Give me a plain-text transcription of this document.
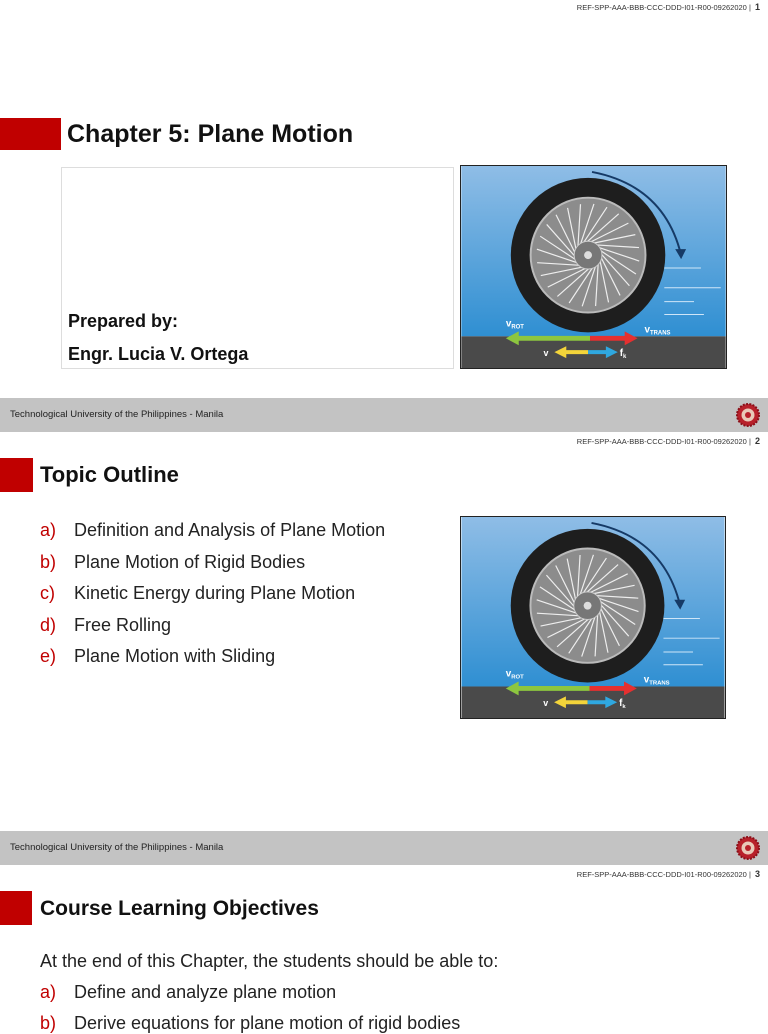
REF-SPP-AAA-BBB-CCC-DDD-I01-R00-09262020 | 1
Chapter 5: Plane Motion
Prepared by:
Engr. Lucia V. Ortega
$v_{ROT}$	$v_{TRANS}$
v	$f_k$
Technological University of the Philippines - Manila
REF-SPP-AAA-BBB-CCC-DDD-I01-R00-09262020 | 2
Topic Outline
a) Definition and Analysis of Plane Motion
b) Plane Motion of Rigid Bodies
c) Kinetic Energy during Plane Motion
d) Free Rolling
e) Plane Motion with Sliding
$v_{ROT}$	$v_{TRANS}$
v	$f_k$
Technological University of the Philippines - Manila
REF-SPP-AAA-BBB-CCC-DDD-I01-R00-09262020 | 3
Course Learning Objectives
At the end of this Chapter, the students should be able to:
a) Define and analyze plane motion
b) Derive equations for plane motion of rigid bodies
